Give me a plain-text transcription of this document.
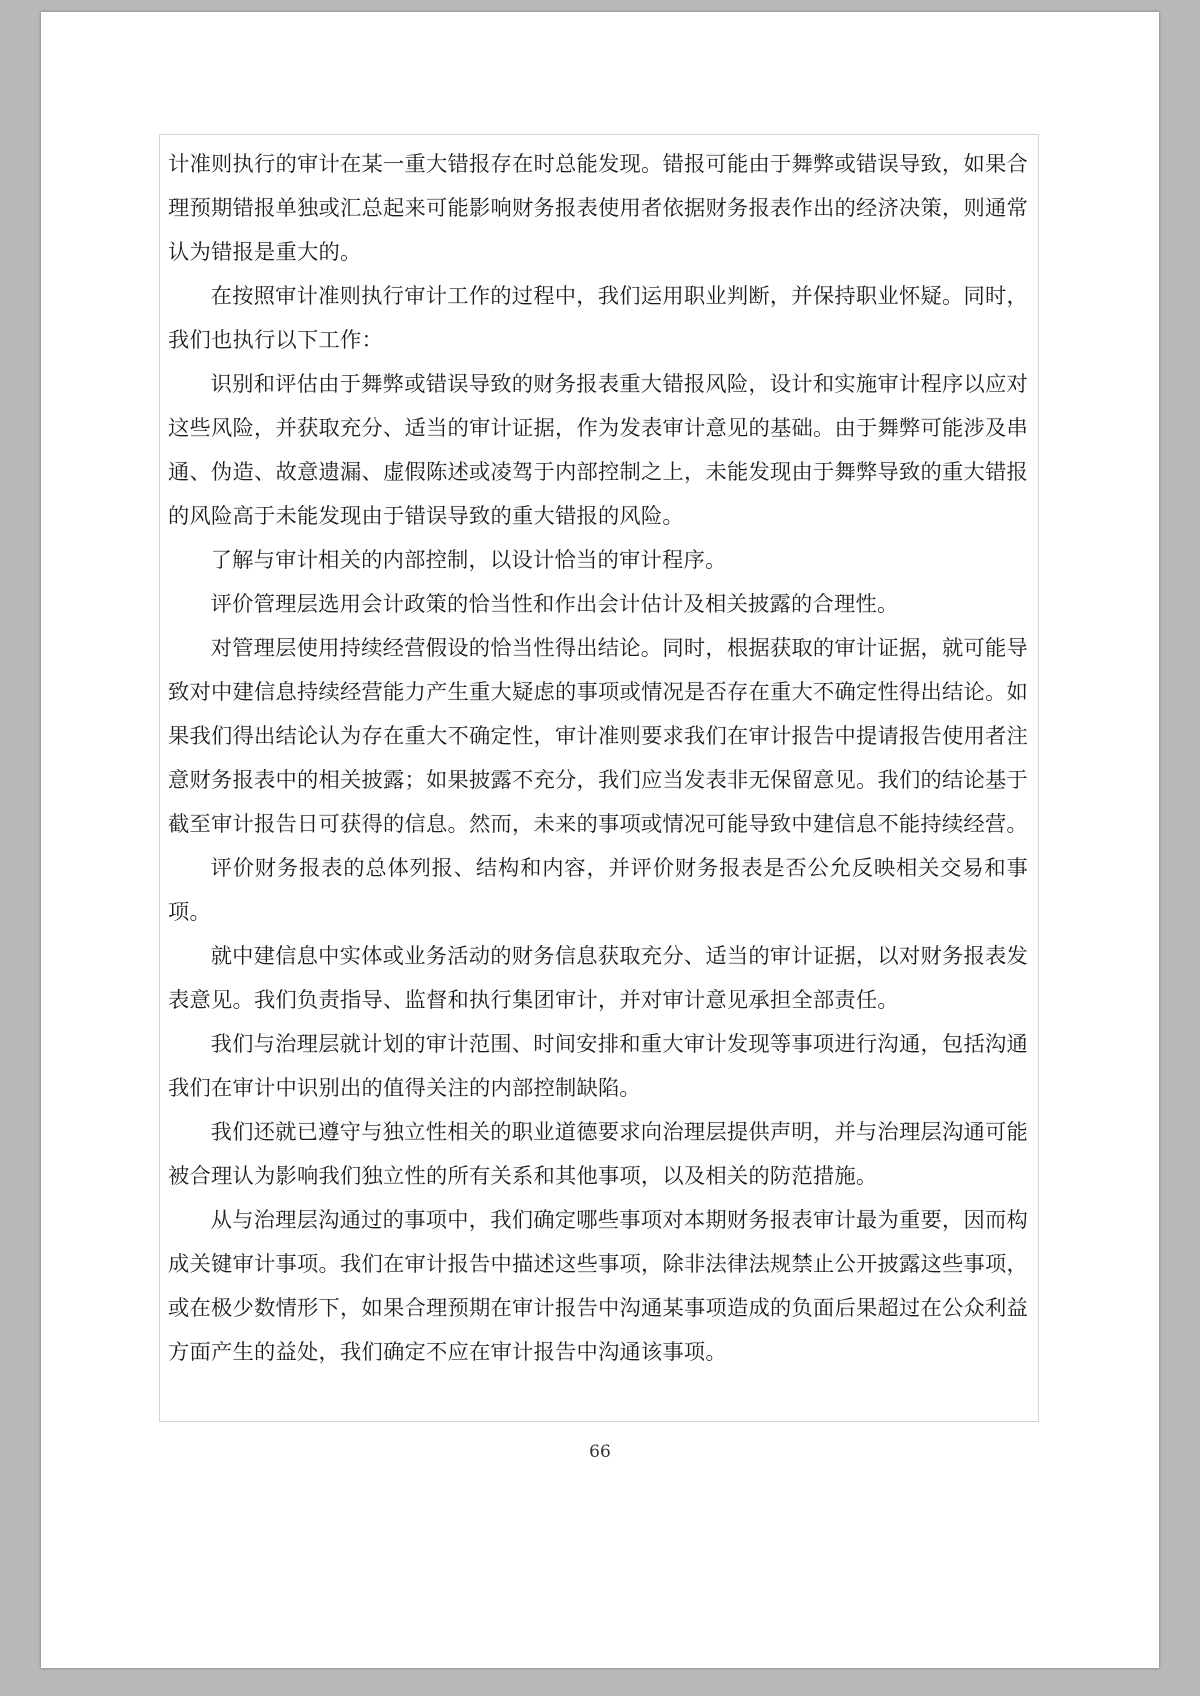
计准则执行的审计在某一重大错报存在时总能发现。错报可能由于舞弊或错误导致，如果合理预期错报单独或汇总起来可能影响财务报表使用者依据财务报表作出的经济决策，则通常认为错报是重大的。

在按照审计准则执行审计工作的过程中，我们运用职业判断，并保持职业怀疑。同时，我们也执行以下工作：

识别和评估由于舞弊或错误导致的财务报表重大错报风险，设计和实施审计程序以应对这些风险，并获取充分、适当的审计证据，作为发表审计意见的基础。由于舞弊可能涉及串通、伪造、故意遗漏、虚假陈述或凌驾于内部控制之上，未能发现由于舞弊导致的重大错报的风险高于未能发现由于错误导致的重大错报的风险。

了解与审计相关的内部控制，以设计恰当的审计程序。

评价管理层选用会计政策的恰当性和作出会计估计及相关披露的合理性。

对管理层使用持续经营假设的恰当性得出结论。同时，根据获取的审计证据，就可能导致对中建信息持续经营能力产生重大疑虑的事项或情况是否存在重大不确定性得出结论。如果我们得出结论认为存在重大不确定性，审计准则要求我们在审计报告中提请报告使用者注意财务报表中的相关披露；如果披露不充分，我们应当发表非无保留意见。我们的结论基于截至审计报告日可获得的信息。然而，未来的事项或情况可能导致中建信息不能持续经营。

评价财务报表的总体列报、结构和内容，并评价财务报表是否公允反映相关交易和事项。

就中建信息中实体或业务活动的财务信息获取充分、适当的审计证据，以对财务报表发表意见。我们负责指导、监督和执行集团审计，并对审计意见承担全部责任。

我们与治理层就计划的审计范围、时间安排和重大审计发现等事项进行沟通，包括沟通我们在审计中识别出的值得关注的内部控制缺陷。

我们还就已遵守与独立性相关的职业道德要求向治理层提供声明，并与治理层沟通可能被合理认为影响我们独立性的所有关系和其他事项，以及相关的防范措施。

从与治理层沟通过的事项中，我们确定哪些事项对本期财务报表审计最为重要，因而构成关键审计事项。我们在审计报告中描述这些事项，除非法律法规禁止公开披露这些事项，或在极少数情形下，如果合理预期在审计报告中沟通某事项造成的负面后果超过在公众利益方面产生的益处，我们确定不应在审计报告中沟通该事项。

66
